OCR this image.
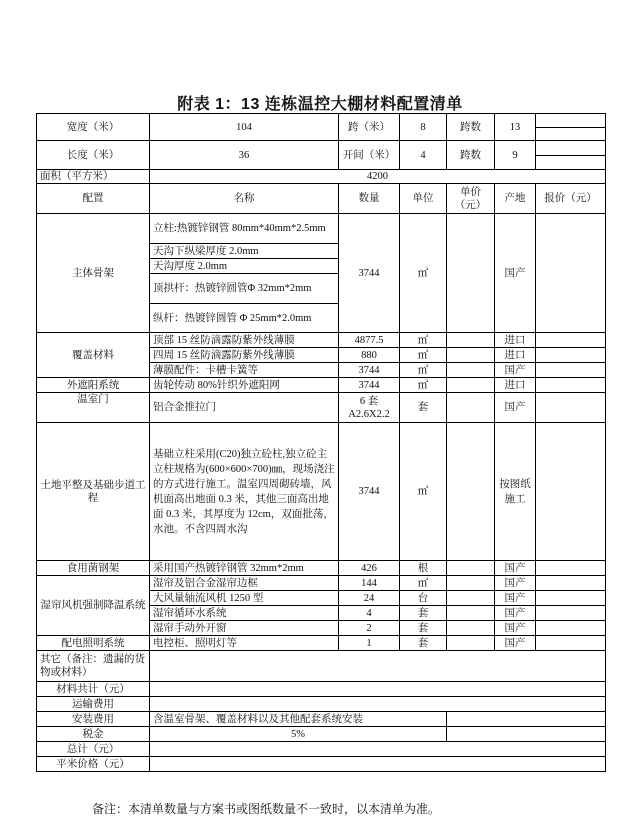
附表 1：13 连栋温控大棚材料配置清单
宽度（米）	104	跨（米）	8	跨数	13	

长度（米）	36	开间（米）	4	跨数	9	

面积（平方米）	4200					
配置	名称	数量	单位	单价（元）	产地	报价（元）
主体骨架	立柱:热镀锌钢管 80mm*40mm*2.5mm	3744	㎡		国产	
	天沟下纵梁厚度 2.0mm					
	天沟厚度 2.0mm					
	顶拱杆：热镀锌圆管Φ 32mm*2mm					
	纵杆：热镀锌圆管 Φ 25mm*2.0mm					
覆盖材料	顶部 15 丝防滴露防紫外线薄膜	4877.5	㎡		进口	
	四周 15 丝防滴露防紫外线薄膜	880	㎡		进口	
	薄膜配件：卡槽卡簧等	3744	㎡		国产	
外遮阳系统	齿轮传动 80%针织外遮阳网	3744	㎡		进口	
温室门	铝合金推拉门	6 套 A2.6X2.2	套		国产	
土地平整及基础步道工程	基础立柱采用(C20)独立砼柱,独立砼主立柱规格为(600×600×700)㎜，现场浇注的方式进行施工。温室四周砌砖墙，风机面高出地面 0.3 米，其他三面高出地面 0.3 米，其厚度为 12cm，双面批荡，水池。不含四周水沟	3744	㎡		按图纸施工	
食用菌钢架	采用国产热镀锌钢管 32mm*2mm	426	根		国产	
湿帘风机强制降温系统	湿帘及铝合金湿帘边框	144	㎡		国产	
	大风量轴流风机 1250 型	24	台		国产	
	湿帘循环水系统	4	套		国产	
	湿帘手动外开窗	2	套		国产	
配电照明系统	电控柜、照明灯等	1	套		国产	
其它（备注：遗漏的货物或材料）						
材料共计（元）						
运输费用						
安装费用	含温室骨架、覆盖材料以及其他配套系统安装					
税金	5%					
总计（元）						
平米价格（元）						
备注：本清单数量与方案书或图纸数量不一致时，以本清单为准。
